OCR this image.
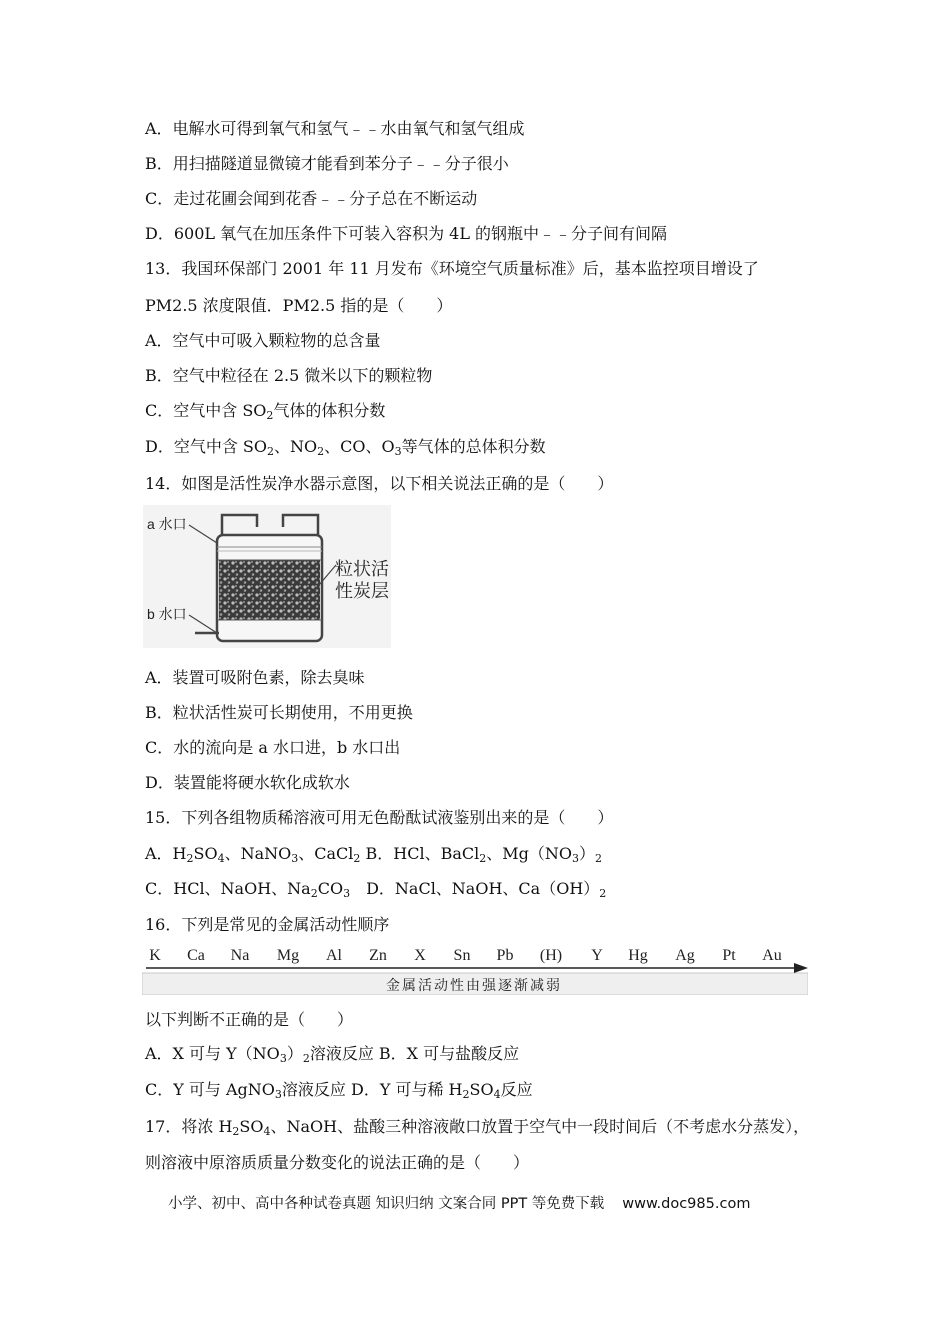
A．电解水可得到氧气和氢气﹣﹣水由氧气和氢气组成
B．用扫描隧道显微镜才能看到苯分子﹣﹣分子很小
C．走过花圃会闻到花香﹣﹣分子总在不断运动
D．600L 氧气在加压条件下可装入容积为 4L 的钢瓶中﹣﹣分子间有间隔
13．我国环保部门 2001 年 11 月发布《环境空气质量标准》后，基本监控项目增设了
PM2.5 浓度限值．PM2.5 指的是（　　）
A．空气中可吸入颗粒物的总含量
B．空气中粒径在 2.5 微米以下的颗粒物
C．空气中含 $SO_2$气体的体积分数
D．空气中含 $SO_2$、$NO_2$、CO、$O_3$等气体的总体积分数
14．如图是活性炭净水器示意图，以下相关说法正确的是（　　）
a 水口
b 水口
粒状活
性炭层
A．装置可吸附色素，除去臭味
B．粒状活性炭可长期使用，不用更换
C．水的流向是 a 水口进，b 水口出
D．装置能将硬水软化成软水
15．下列各组物质稀溶液可用无色酚酞试液鉴别出来的是（　　）
A．$H_2SO_4$、NaNO$_3$、CaCl$_2$ B．HCl、BaCl$_2$、$Mg(NO_3)_2$
C．HCl、NaOH、$Na_2CO_3$　D．NaCl、NaOH、$Ca(OH)_2$
16．下列是常见的金属活动性顺序
K Ca Na Mg Al Zn X Sn Pb (H) Y Hg Ag Pt Au
金属活动性由强逐渐减弱
以下判断不正确的是（　　）
A．X 可与 $Y(NO_3)_2$溶液反应 B．X 可与盐酸反应
C．Y 可与 AgNO$_3$溶液反应 D．Y 可与稀 $H_2SO_4$反应
17．将浓 $H_2SO_4$、NaOH、盐酸三种溶液敞口放置于空气中一段时间后（不考虑水分蒸发），
则溶液中原溶质质量分数变化的说法正确的是（　　）
小学、初中、高中各种试卷真题 知识归纳 文案合同 PPT 等免费下载 www.doc985.com
